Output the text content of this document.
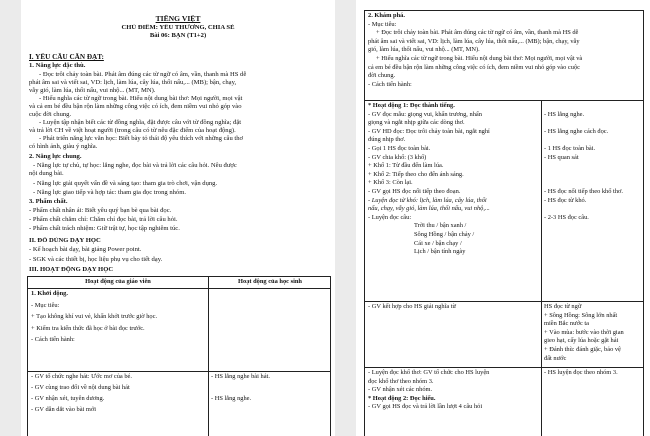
TIẾNG VIỆT
CHỦ ĐIỂM: YÊU THƯƠNG, CHIA SẺ
Bài 06: BẠN (T1+2)
I. YÊU CẦU CẦN ĐẠT:
1. Năng lực đặc thù.
- Đọc trôi chảy toàn bài. Phát âm đúng các từ ngữ có âm, vần, thanh mà HS dễ
phát âm sai và viết sai, VD: lịch, làm lúa, cây lúa, thổi nấu,... (MB); bận, chạy,
vẫy gió, làm lúa, thổi nấu, vui nhộ... (MT, MN).
- Hiểu nghĩa các từ ngữ trong bài. Hiểu nội dung bài thơ: Mọi người, mọi vật
và cả em bé đều bận rộn làm những công việc có ích, đem niềm vui nhỏ góp vào
cuộc đời chung.
- Luyện tập nhận biết các từ đồng nghĩa, đặt được câu với từ đồng nghĩa; đặt
và trả lời CH về việt hoạt người (trong câu có từ nêu đặc điểm của hoạt động).
- Phát triển năng lực văn học: Biết bày tỏ thái độ yêu thích với những câu thơ
có hình ảnh, giàu ý nghĩa.
2. Năng lực chung.
- Năng lực tự chủ, tự học: lắng nghe, đọc bài và trả lời các câu hỏi. Nêu được
nội dung bài.
- Năng lực giải quyết vấn đề và sáng tạo: tham gia trò chơi, vận dụng.
- Năng lực giao tiếp và hợp tác: tham gia đọc trong nhóm.
3. Phẩm chất.
- Phẩm chất nhân ái: Biết yêu quý bạn bè qua bài đọc.
- Phẩm chất chăm chỉ: Chăm chỉ đọc bài, trả lời câu hỏi.
- Phẩm chất trách nhiệm: Giữ trật tự, học tập nghiêm túc.
II. ĐỒ DÙNG DẠY HỌC
- Kế hoạch bài dạy, bài giảng Power point.
- SGK và các thiết bị, học liệu phụ vụ cho tiết dạy.
III. HOẠT ĐỘNG DẠY HỌC
Hoạt động của giáo viên	Hoạt động của học sinh
1. Khởi động.
- Mục tiêu:
+ Tạo không khí vui vẻ, khấn khởi trước giờ học.
+ Kiểm tra kiến thức đã học ở bài đọc trước.
- Cách tiến hành:
- GV tổ chức nghe hát: Ước mơ của bé.
- GV cùng trao đổi về nội dung bài hát
- GV nhận xét, tuyên dương.
- GV dẫn dắt vào bài mới
- HS lắng nghe bài hát.
- HS lắng nghe.
2. Khám phá.
- Mục tiêu:
+ Đọc trôi chảy toàn bài. Phát âm đúng các từ ngữ có âm, vần, thanh mà HS dễ
phát âm sai và viết sai, VD: lịch, làm lúa, cây lúa, thổi nấu,... (MB); bận, chạy, vẫy
gió, làm lúa, thổi nấu, vui nhộ... (MT, MN).
+ Hiểu nghĩa các từ ngữ trong bài. Hiểu nội dung bài thơ: Mọi người, mọi vật và
cả em bé đều bận rộn làm những công việc có ích, đem niềm vui nhỏ góp vào cuộc
đời chung.
- Cách tiến hành:
* Hoạt động 1: Đọc thành tiếng.
- GV đọc mẫu: giọng vui, khẩn trương, nhấn
giọng và ngắt nhịp giữa các dòng thơ.
- GV HD đọc: Đọc trôi chảy toàn bài, ngắt nghỉ
đúng nhịp thơ.
- Gọi 1 HS đọc toàn bài.
- GV chia khổ: (3 khổ)
+ Khổ 1: Từ đầu đến làm lúa.
+ Khổ 2: Tiếp theo cho đến ánh sáng.
+ Khổ 3: Còn lại.
- GV gọi HS đọc nối tiếp theo đoạn.
- Luyện đọc từ khó: lịch, làm lúa, cây lúa, thổi
nấu, chạy, vẫy gió, làm lúa, thổi nấu, vui nhộ,...
- Luyện đọc câu:
Trời thu / bận xanh /
Sông Hồng / bận chảy /
Cái xe / bận chạy /
Lịch / bận tính ngày
- HS lắng nghe.
- HS lắng nghe cách đọc.
- 1 HS đọc toàn bài.
- HS quan sát
- HS đọc nối tiếp theo khổ thơ.
- HS đọc từ khó.
- 2-3 HS đọc câu.
- GV kết hợp cho HS giải nghĩa từ	HS đọc từ ngữ
+ Sông Hồng: Sông lớn nhất
miền Bắc nước ta
+ Vào mùa: bước vào thời gian
gieo hạt, cấy lúa hoặc gặt hái
+ Đánh thù: đánh giặc, bảo vệ
đất nước
- Luyện đọc khổ thơ: GV tổ chức cho HS luyện
đọc khổ thơ theo nhóm 3.
- GV nhận xét các nhóm.
* Hoạt động 2: Đọc hiểu.
- GV gọi HS đọc và trả lời lần lượt 4 câu hỏi
- HS luyện đọc theo nhóm 3.
